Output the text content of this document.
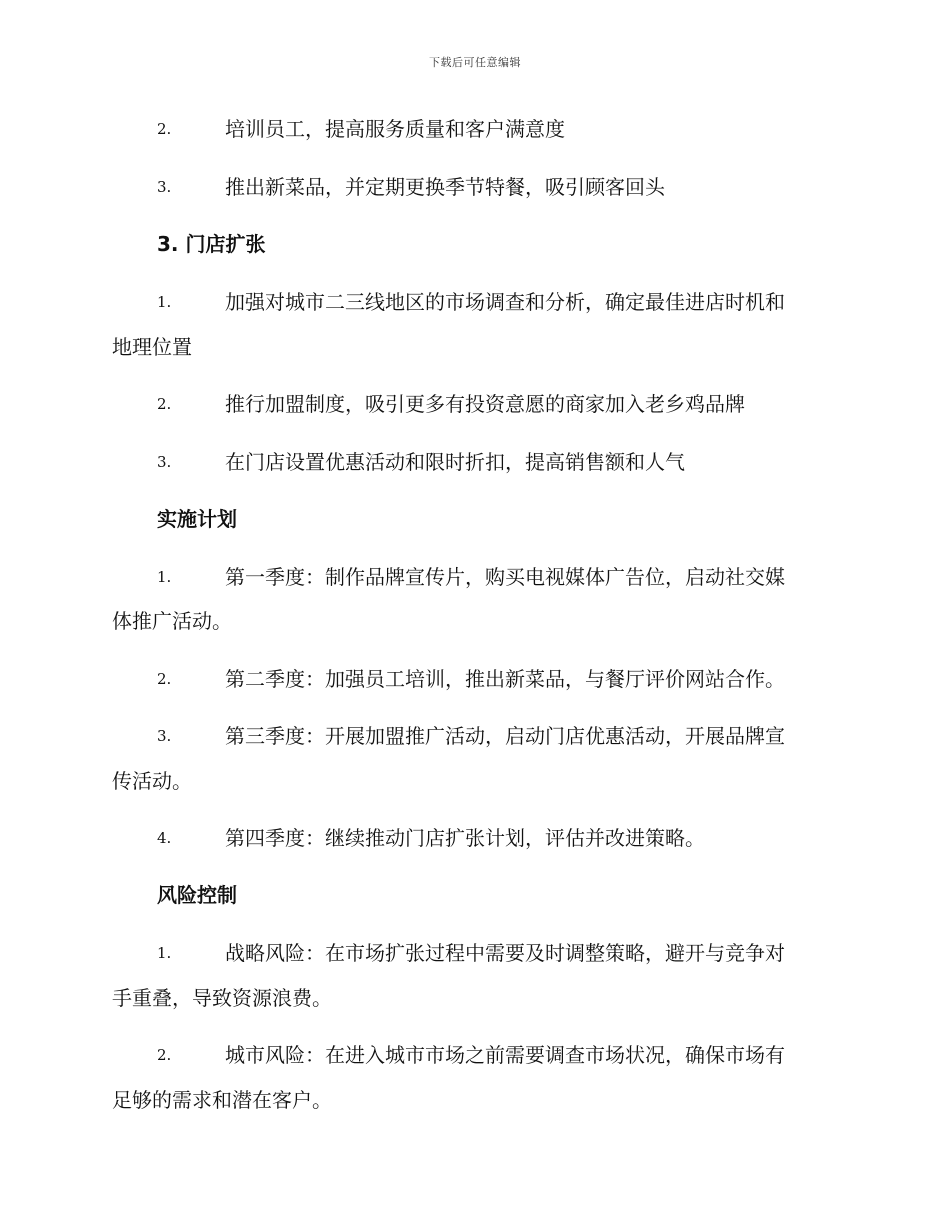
下载后可任意编辑
2.	培训员工，提高服务质量和客户满意度
3.	推出新菜品，并定期更换季节特餐，吸引顾客回头
3. 门店扩张
1.	加强对城市二三线地区的市场调查和分析，确定最佳进店时机和
地理位置
2.	推行加盟制度，吸引更多有投资意愿的商家加入老乡鸡品牌
3.	在门店设置优惠活动和限时折扣，提高销售额和人气
实施计划
1.	第一季度：制作品牌宣传片，购买电视媒体广告位，启动社交媒
体推广活动。
2.	第二季度：加强员工培训，推出新菜品，与餐厅评价网站合作。
3.	第三季度：开展加盟推广活动，启动门店优惠活动，开展品牌宣
传活动。
4.	第四季度：继续推动门店扩张计划，评估并改进策略。
风险控制
1.	战略风险：在市场扩张过程中需要及时调整策略，避开与竞争对
手重叠，导致资源浪费。
2.	城市风险：在进入城市市场之前需要调查市场状况，确保市场有
足够的需求和潜在客户。
